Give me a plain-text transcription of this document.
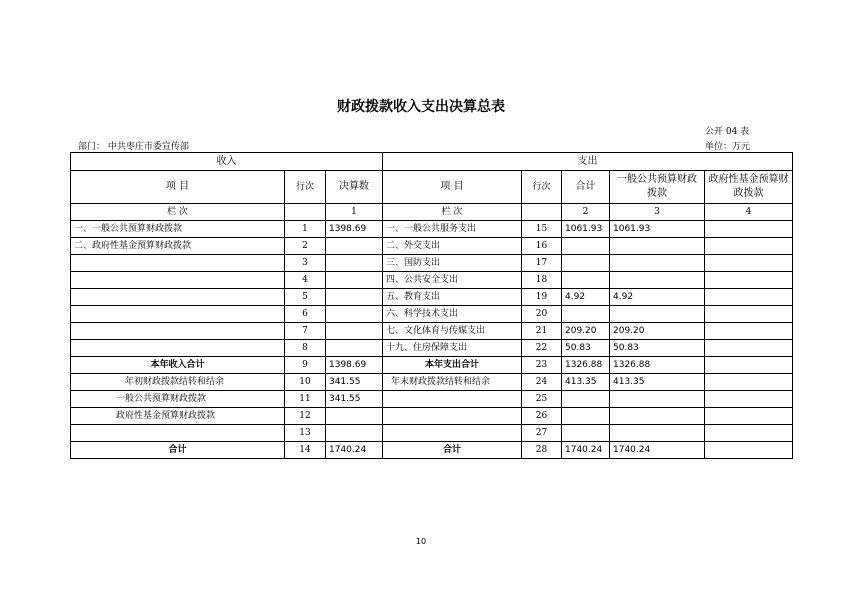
财政拨款收入支出决算总表
公开 04 表
部门： 中共枣庄市委宣传部	单位：万元
收入			支出				
项 目	行次	决算数	项 目	行次	合计	一般公共预算财政拨款	政府性基金预算财政拨款
栏 次		1	栏 次		2	3	4
一、一般公共预算财政拨款	1	1398.69	一、一般公共服务支出	15	1061.93	1061.93	
二、政府性基金预算财政拨款	2		二、外交支出	16			
	3		三、国防支出	17			
	4		四、公共安全支出	18			
	5		五、教育支出	19	4.92	4.92	
	6		六、科学技术支出	20			
	7		七、文化体育与传媒支出	21	209.20	209.20	
	8		十九、住房保障支出	22	50.83	50.83	
本年收入合计	9	1398.69	本年支出合计	23	1326.88	1326.88	
年初财政拨款结转和结余	10	341.55	年末财政拨款结转和结余	24	413.35	413.35	
一般公共预算财政拨款	11	341.55		25			
政府性基金预算财政拨款	12			26			
	13			27			
合计	14	1740.24	合计	28	1740.24	1740.24	
10
